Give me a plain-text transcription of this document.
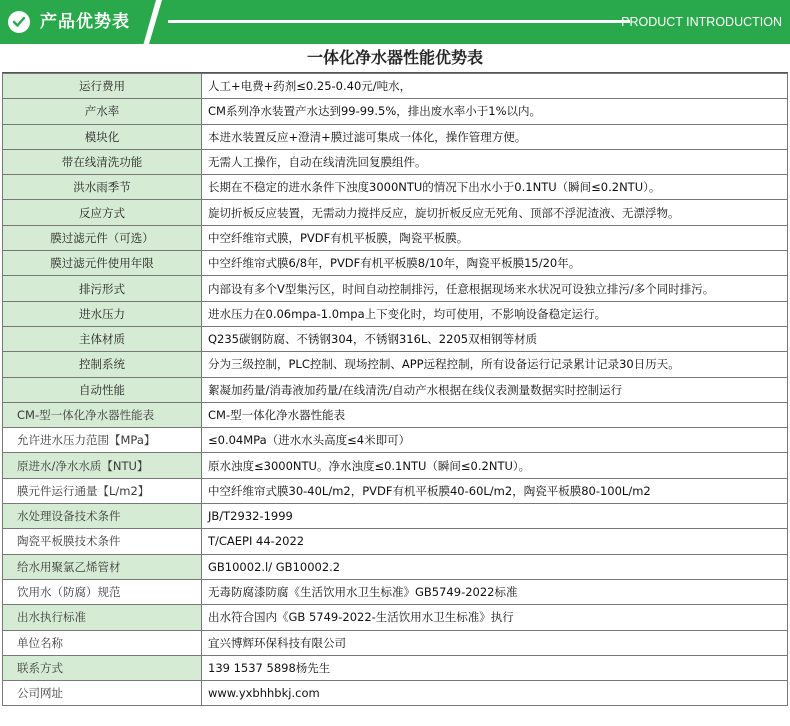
产品优势表	PRODUCT INTRODUCTION
一体化净水器性能优势表
运行费用	人工+电费+药剂≤0.25-0.40元/吨水，
产水率	CM系列净水装置产水达到99-99.5%，排出废水率小于1%以内。
模块化	本进水装置反应+澄清+膜过滤可集成一体化，操作管理方便。
带在线清洗功能	无需人工操作，自动在线清洗回复膜组件。
洪水雨季节	长期在不稳定的进水条件下浊度3000NTU的情况下出水小于0.1NTU（瞬间≤0.2NTU）。
反应方式	旋切折板反应装置，无需动力搅拌反应，旋切折板反应无死角、顶部不浮泥渣液、无漂浮物。
膜过滤元件（可选）	中空纤维帘式膜，PVDF有机平板膜，陶瓷平板膜。
膜过滤元件使用年限	中空纤维帘式膜6/8年，PVDF有机平板膜8/10年，陶瓷平板膜15/20年。
排污形式	内部设有多个V型集污区，时间自动控制排污，任意根据现场来水状况可设独立排污/多个同时排污。
进水压力	进水压力在0.06mpa-1.0mpa上下变化时，均可使用，不影响设备稳定运行。
主体材质	Q235碳钢防腐、不锈钢304，不锈钢316L、2205双相钢等材质
控制系统	分为三级控制，PLC控制、现场控制、APP远程控制，所有设备运行记录累计记录30日历天。
自动性能	絮凝加药量/消毒液加药量/在线清洗/自动产水根据在线仪表测量数据实时控制运行
CM-型一体化净水器性能表	CM-型一体化净水器性能表
允许进水压力范围【MPa】	≤0.04MPa（进水水头高度≤4米即可）
原进水/净水水质【NTU】	原水浊度≤3000NTU。净水浊度≤0.1NTU（瞬间≤0.2NTU）。
膜元件运行通量【L/m2】	中空纤维帘式膜30-40L/m2，PVDF有机平板膜40-60L/m2，陶瓷平板膜80-100L/m2
水处理设备技术条件	JB/T2932-1999
陶瓷平板膜技术条件	T/CAEPI 44-2022
给水用聚氯乙烯管材	GB10002.l/ GB10002.2
饮用水（防腐）规范	无毒防腐漆防腐《生活饮用水卫生标准》GB5749-2022标准
出水执行标准	出水符合国内《GB 5749-2022-生活饮用水卫生标准》执行
单位名称	宜兴博辉环保科技有限公司
联系方式	139 1537 5898杨先生
公司网址	www.yxbhhbkj.com
